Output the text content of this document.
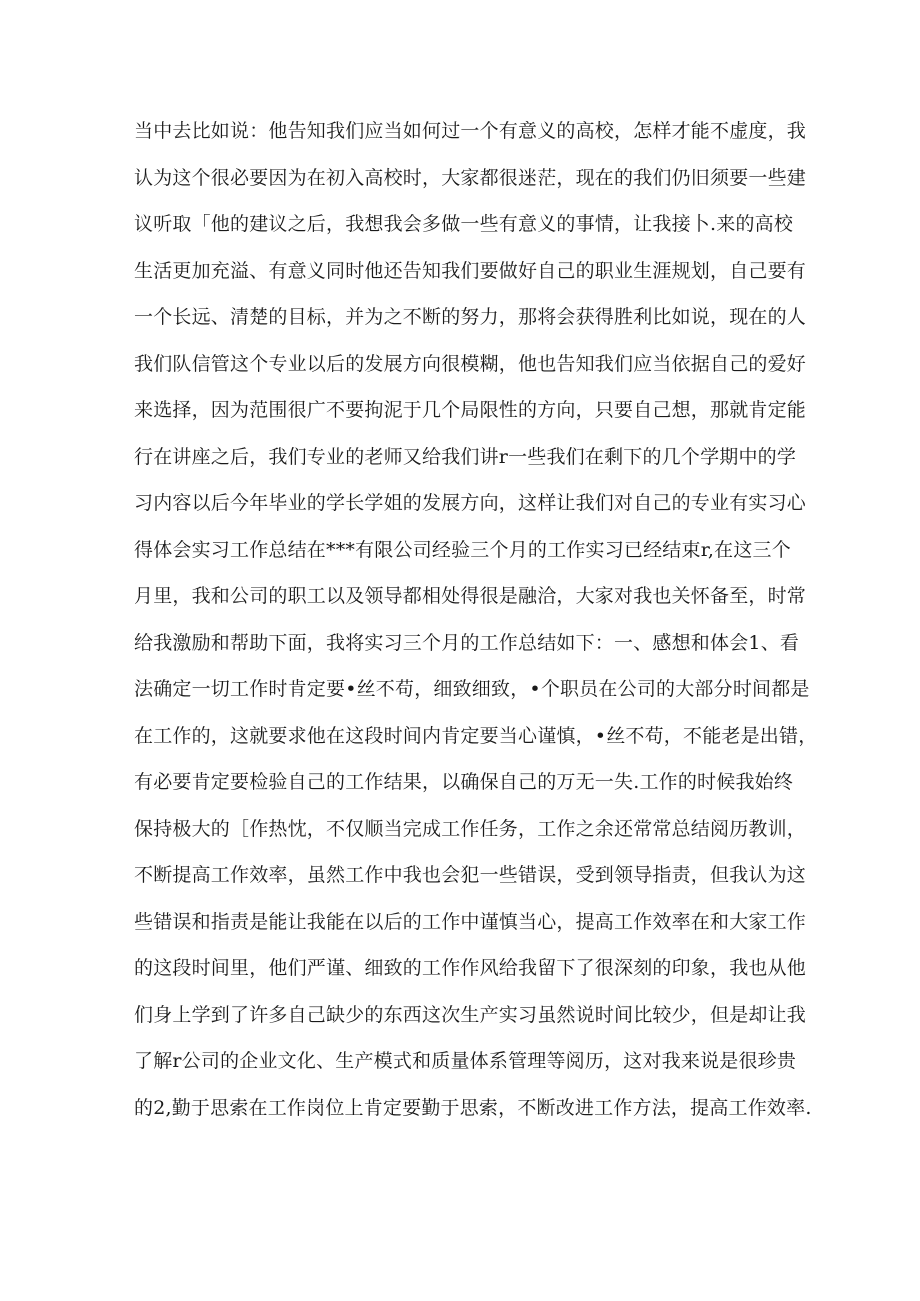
当中去比如说：他告知我们应当如何过一个有意义的高校，怎样才能不虚度，我
认为这个很必要因为在初入高校时，大家都很迷茫，现在的我们仍旧须要一些建
议听取「他的建议之后，我想我会多做一些有意义的事情，让我接卜.来的高校
生活更加充溢、有意义同时他还告知我们要做好自己的职业生涯规划，自己要有
一个长远、清楚的目标，并为之不断的努力，那将会获得胜利比如说，现在的人
我们队信管这个专业以后的发展方向很模糊，他也告知我们应当依据自己的爱好
来选择，因为范围很广不要拘泥于几个局限性的方向，只要自己想，那就肯定能
行在讲座之后，我们专业的老师又给我们讲r一些我们在剩下的几个学期中的学
习内容以后今年毕业的学长学姐的发展方向，这样让我们对自己的专业有实习心
得体会实习工作总结在***有限公司经验三个月的工作实习已经结束r,在这三个
月里，我和公司的职工以及领导都相处得很是融洽，大家对我也关怀备至，时常
给我激励和帮助下面，我将实习三个月的工作总结如下：一、感想和体会1、看
法确定一切工作时肯定要•丝不苟，细致细致，•个职员在公司的大部分时间都是
在工作的，这就要求他在这段时间内肯定要当心谨慎，•丝不苟，不能老是出错，
有必要肯定要检验自己的工作结果，以确保自己的万无一失.工作的时候我始终
保持极大的［作热忱，不仅顺当完成工作任务，工作之余还常常总结阅历教训，
不断提高工作效率，虽然工作中我也会犯一些错误，受到领导指责，但我认为这
些错误和指责是能让我能在以后的工作中谨慎当心，提高工作效率在和大家工作
的这段时间里，他们严谨、细致的工作作风给我留下了很深刻的印象，我也从他
们身上学到了许多自己缺少的东西这次生产实习虽然说时间比较少，但是却让我
了解r公司的企业文化、生产模式和质量体系管理等阅历，这对我来说是很珍贵
的2,勤于思索在工作岗位上肯定要勤于思索，不断改进工作方法，提高工作效率.
